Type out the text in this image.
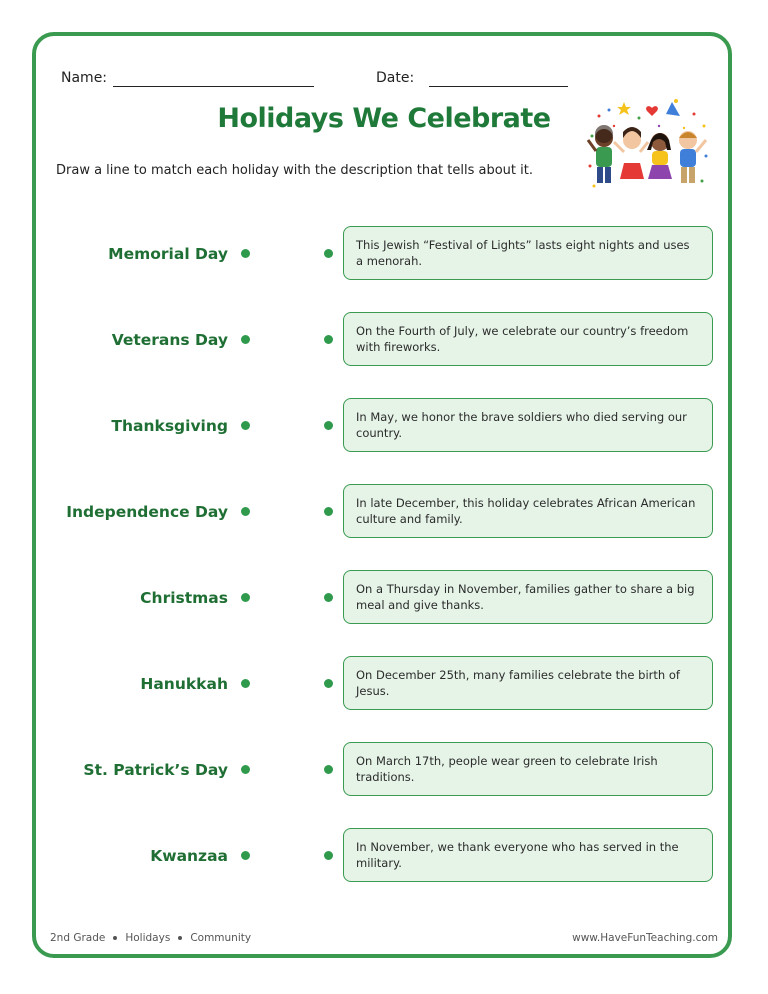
Name:	Date:
Holidays We Celebrate
Draw a line to match each holiday with the description that tells about it.
Memorial Day	This Jewish “Festival of Lights” lasts eight nights and uses a menorah.
Veterans Day	On the Fourth of July, we celebrate our country’s freedom with fireworks.
Thanksgiving	In May, we honor the brave soldiers who died serving our country.
Independence Day	In late December, this holiday celebrates African American culture and family.
Christmas	On a Thursday in November, families gather to share a big meal and give thanks.
Hanukkah	On December 25th, many families celebrate the birth of Jesus.
St. Patrick’s Day	On March 17th, people wear green to celebrate Irish traditions.
Kwanzaa	In November, we thank everyone who has served in the military.
2nd Grade Holidays Community	www.HaveFunTeaching.com
